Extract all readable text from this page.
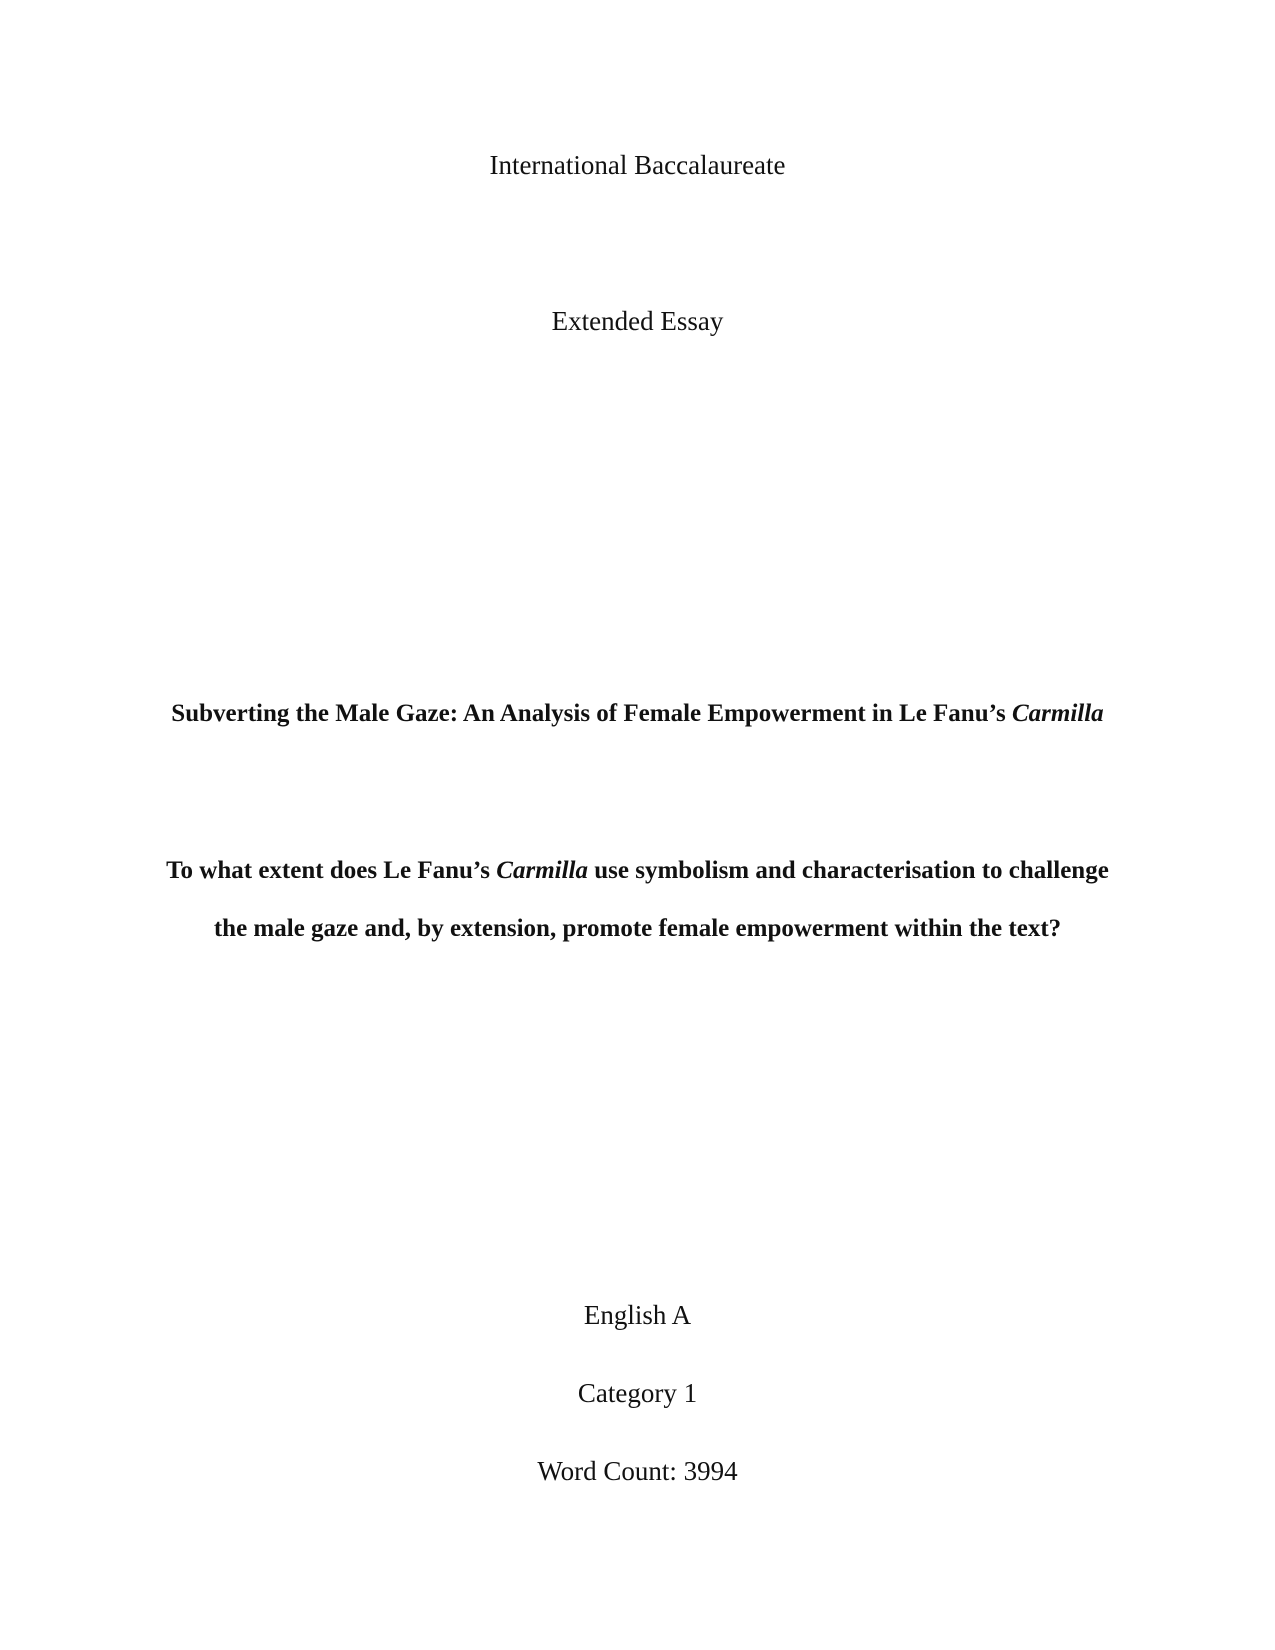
International Baccalaureate
Extended Essay
Subverting the Male Gaze: An Analysis of Female Empowerment in Le Fanu’s Carmilla
To what extent does Le Fanu’s Carmilla use symbolism and characterisation to challenge
the male gaze and, by extension, promote female empowerment within the text?
English A
Category 1
Word Count: 3994
